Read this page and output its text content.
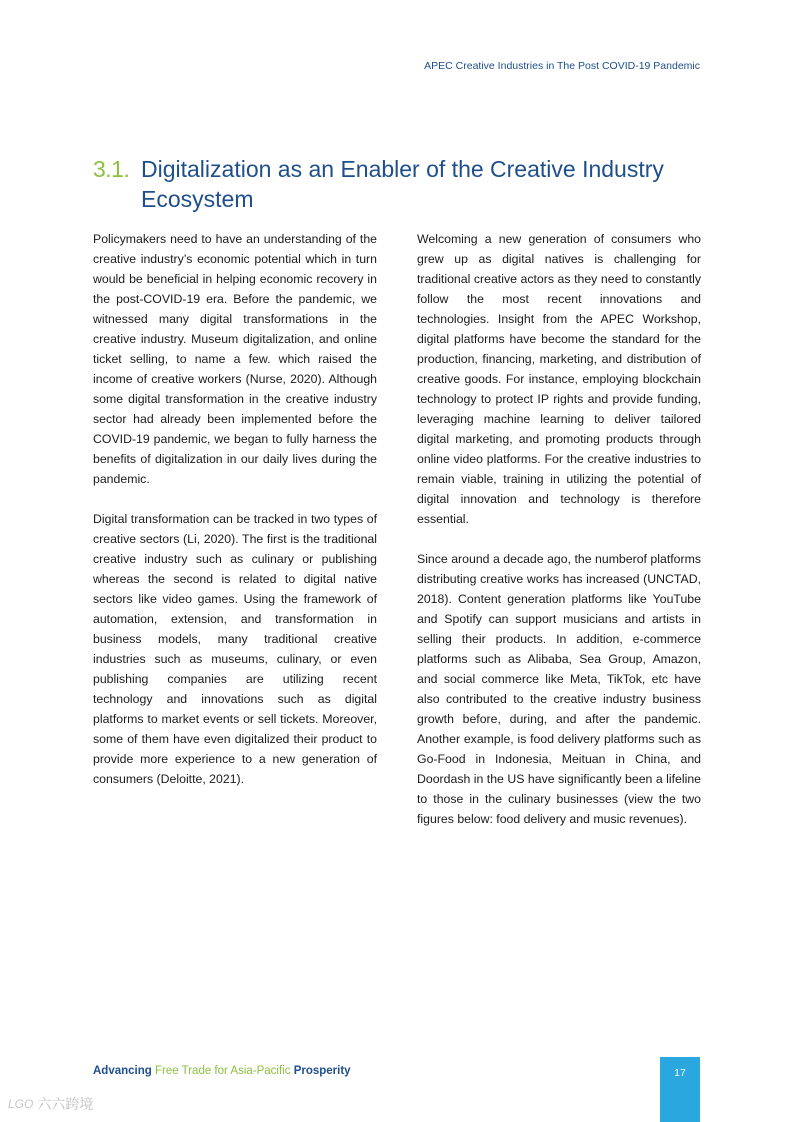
APEC Creative Industries in The Post COVID-19 Pandemic
3.1. Digitalization as an Enabler of the Creative Industry Ecosystem

Policymakers need to have an understanding of the creative industry’s economic potential which in turn would be beneficial in helping economic recovery in the post-COVID-19 era. Before the pandemic, we witnessed many digital transformations in the creative industry. Museum digitalization, and online ticket selling, to name a few. which raised the income of creative workers (Nurse, 2020). Although some digital transformation in the creative industry sector had already been implemented before the COVID-19 pandemic, we began to fully harness the benefits of digitalization in our daily lives during the pandemic.

Digital transformation can be tracked in two types of creative sectors (Li, 2020). The first is the traditional creative industry such as culinary or publishing whereas the second is related to digital native sectors like video games. Using the framework of automation, extension, and transformation in business models, many traditional creative industries such as museums, culinary, or even publishing companies are utilizing recent technology and innovations such as digital platforms to market events or sell tickets. Moreover, some of them have even digitalized their product to provide more experience to a new generation of consumers (Deloitte, 2021).

Welcoming a new generation of consumers who grew up as digital natives is challenging for traditional creative actors as they need to constantly follow the most recent innovations and technologies. Insight from the APEC Workshop, digital platforms have become the standard for the production, financing, marketing, and distribution of creative goods. For instance, employing blockchain technology to protect IP rights and provide funding, leveraging machine learning to deliver tailored digital marketing, and promoting products through online video platforms. For the creative industries to remain viable, training in utilizing the potential of digital innovation and technology is therefore essential.

Since around a decade ago, the numberof platforms distributing creative works has increased (UNCTAD, 2018). Content generation platforms like YouTube and Spotify can support musicians and artists in selling their products. In addition, e-commerce platforms such as Alibaba, Sea Group, Amazon, and social commerce like Meta, TikTok, etc have also contributed to the creative industry business growth before, during, and after the pandemic. Another example, is food delivery platforms such as Go-Food in Indonesia, Meituan in China, and Doordash in the US have significantly been a lifeline to those in the culinary businesses (view the two figures below: food delivery and music revenues).

Advancing Free Trade for Asia-Pacific Prosperity	17
LGO 六六跨境
